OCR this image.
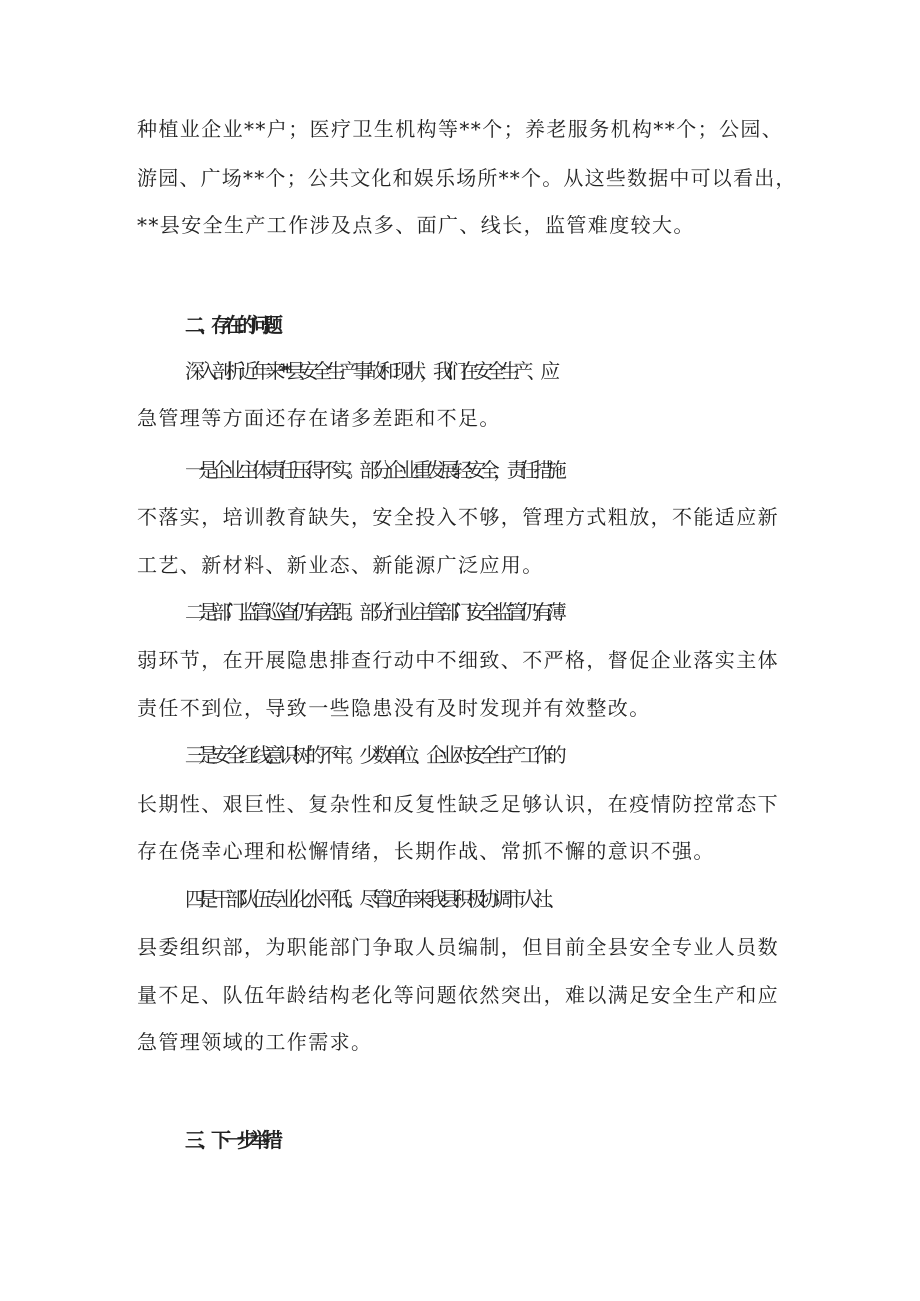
种植业企业**户；医疗卫生机构等**个；养老服务机构**个；公园、

游园、广场**个；公共文化和娱乐场所**个。从这些数据中可以看出，

**县安全生产工作涉及点多、面广、线长，监管难度较大。

二、存在的问题

深入剖析近年来**县安全生产事故和现状，我们在安全生产、应

急管理等方面还存在诸多差距和不足。

一是企业主体责任压得不实。部分企业重发展轻安全，责任措施

不落实，培训教育缺失，安全投入不够，管理方式粗放，不能适应新

工艺、新材料、新业态、新能源广泛应用。

二是部门监管巡查仍有差距。部分行业主管部门安全监管仍有薄

弱环节，在开展隐患排查行动中不细致、不严格，督促企业落实主体

责任不到位，导致一些隐患没有及时发现并有效整改。

三是安全红线意识树的不牢。少数单位、企业对安全生产工作的

长期性、艰巨性、复杂性和反复性缺乏足够认识，在疫情防控常态下

存在侥幸心理和松懈情绪，长期作战、常抓不懈的意识不强。

四是干部队伍专业化水平低。尽管近年来我县积极协调市人社、

县委组织部，为职能部门争取人员编制，但目前全县安全专业人员数

量不足、队伍年龄结构老化等问题依然突出，难以满足安全生产和应

急管理领域的工作需求。

三、下一步举措
